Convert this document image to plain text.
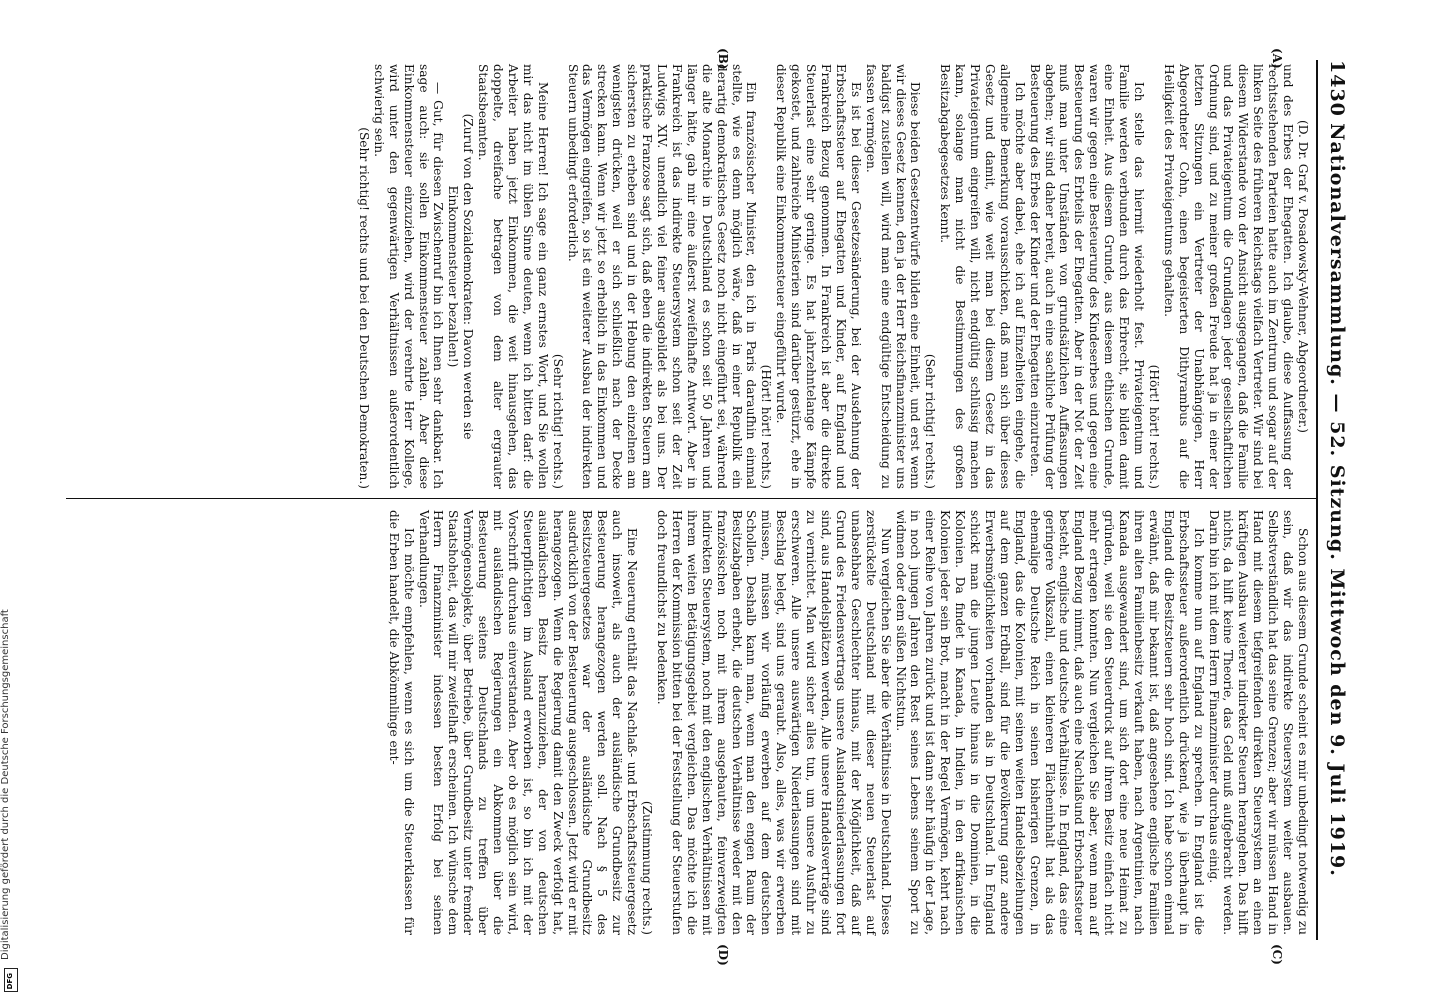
1430
Nationalversammlung. — 52. Sitzung. Mittwoch den 9. Juli 1919.
(A)
(B)
(C)
(D)

(D. Dr. Graf v. Posadowsky-Wehner, Abgeordneter.)

und des Erbes der Ehegatten. Ich glaube, diese Auffassung der rechtsstehenden Parteien hatte auch im Zentrum und sogar auf der linken Seite des früheren Reichstags vielfach Vertreter. Wir sind bei diesem Widerstande von der Ansicht ausgegangen, daß die Familie und das Privateigentum die Grundlagen jeder gesellschaftlichen Ordnung sind, und zu meiner großen Freude hat ja in einer der letzten Sitzungen ein Vertreter der Unabhängigen, Herr Abgeordneter Cohn, einen begeisterten Dithyrambus auf die Heiligkeit des Privateigentums gehalten.

(Hört! hört! rechts.)

Ich stelle das hiermit wiederholt fest. Privateigentum und Familie werden verbunden durch das Erbrecht, sie bilden damit eine Einheit. Aus diesem Grunde, aus diesem ethischen Grunde, waren wir gegen eine Besteuerung des Kindeserbes und gegen eine Besteuerung des Erbteils der Ehegatten. Aber in der Not der Zeit muß man unter Umständen von grundsätzlichen Auffassungen abgehen; wir sind daher bereit, auch in eine sachliche Prüfung der Besteuerung des Erbes der Kinder und der Ehegatten einzutreten.

Ich möchte aber dabei, ehe ich auf Einzelheiten eingehe, die allgemeine Bemerkung vorausschicken, daß man sich über dieses Gesetz und damit, wie weit man bei diesem Gesetz in das Privateigentum eingreifen will, nicht endgültig schlüssig machen kann, solange man nicht die Bestimmungen des großen Besitzabgabegesetzes kennt.

(Sehr richtig! rechts.)

Diese beiden Gesetzentwürfe bilden eine Einheit, und erst wenn wir dieses Gesetz kennen, den ja der Herr Reichsfinanzminister uns baldigst zustellen will, wird man eine endgültige Entscheidung zu fassen vermögen.

Es ist bei dieser Gesetzesänderung, bei der Ausdehnung der Erbschaftssteuer auf Ehegatten und Kinder, auf England und Frankreich Bezug genommen. In Frankreich ist aber die direkte Steuerlast eine sehr geringe. Es hat jahrzehntelange Kämpfe gekostet, und zahlreiche Ministerien sind darüber gestürzt, ehe in dieser Republik eine Einkommensteuer eingeführt wurde.

(Hört! hört! rechts.)

Ein französischer Minister, den ich in Paris daraufhin einmal stellte, wie es denn möglich wäre, daß in einer Republik ein derartig demokratisches Gesetz noch nicht eingeführt sei, während die alte Monarchie in Deutschland es schon seit 50 Jahren und länger hätte, gab mir eine äußerst zweifelhafte Antwort. Aber in Frankreich ist das indirekte Steuersystem schon seit der Zeit Ludwigs XIV. unendlich viel feiner ausgebildet als bei uns. Der praktische Franzose sagt sich, daß eben die indirekten Steuern am sichersten zu erheben sind und in der Hebung den einzelnen am wenigsten drücken, weil er sich schließlich nach der Decke strecken kann. Wenn wir jetzt so erheblich in das Einkommen und das Vermögen eingreifen, so ist ein weiterer Ausbau der indirekten Steuern unbedingt erforderlich.

(Sehr richtig! rechts.)

Meine Herren! Ich sage ein ganz ernstes Wort, und Sie wollen mir das nicht im üblen Sinne deuten, wenn ich bitten darf: die Arbeiter haben jetzt Einkommen, die weit hinausgehen, das doppelte, dreifache betragen von dem alter ergrauter Staatsbeamten.

(Zuruf von den Sozialdemokraten: Davon werden sie Einkommensteuer bezahlen!)

— Gut, für diesen Zwischenruf bin ich Ihnen sehr dankbar. Ich sage auch: sie sollen Einkommensteuer zahlen. Aber diese Einkommensteuer einzuziehen, wird der verehrte Herr Kollege, wird unter den gegenwärtigen Verhältnissen außerordentlich schwierig sein.

(Sehr richtig! rechts und bei den Deutschen Demokraten.)

Schon aus diesem Grunde scheint es mir unbedingt notwendig zu sein, daß wir das indirekte Steuersystem weiter ausbauen. Selbstverständlich hat das seine Grenzen; aber wir müssen Hand in Hand mit diesem tiefgreifenden direkten Steuersystem an einen kräftigen Ausbau weiterer indirekter Steuern herangehen. Das hilft nichts, da hilft keine Theorie, das Geld muß aufgebracht werden. Darin bin ich mit dem Herrn Finanzminister durchaus einig.

Ich komme nun auf England zu sprechen. In England ist die Erbschaftssteuer außerordentlich drückend, wie ja überhaupt in England die Besitzsteuern sehr hoch sind. Ich habe schon einmal erwähnt, daß mir bekannt ist, daß angesehene englische Familien ihren alten Familienbesitz verkauft haben, nach Argentinien, nach Kanada ausgewandert sind, um sich dort eine neue Heimat zu gründen, weil sie den Steuerdruck auf ihrem Besitz einfach nicht mehr ertragen konnten. Nun vergleichen Sie aber, wenn man auf England Bezug nimmt, daß auch eine Nachlaßund Erbschaftssteuer besteht, englische und deutsche Verhältnisse. In England, das eine geringere Volkszahl, einen kleineren Flächeninhalt hat als das ehemalige Deutsche Reich in seinen bisherigen Grenzen, in England, das die Kolonien, mit seinen weiten Handelsbeziehungen auf dem ganzen Erdball, sind für die Bevölkerung ganz andere Erwerbsmöglichkeiten vorhanden als in Deutschland. In England schickt man die jungen Leute hinaus in die Dominien, in die Kolonien. Da findet in Kanada, in Indien, in den afrikanischen Kolonien jeder sein Brot, macht in der Regel Vermögen, kehrt nach einer Reihe von Jahren zurück und ist dann sehr häufig in der Lage, in noch jungen Jahren den Rest seines Lebens seinem Sport zu widmen oder dem süßen Nichtstun.

Nun vergleichen Sie aber die Verhältnisse in Deutschland. Dieses zerstückelte Deutschland mit dieser neuen Steuerlast auf unabsehbare Geschlechter hinaus, mit der Möglichkeit, daß auf Grund des Friedensvertrags unsere Auslandsniederlassungen fort sind, aus Handelsplätzen werden, Alle unsere Handelsverträge sind zu vernichtet. Man wird sicher alles tun, um unsere Ausfuhr zu erschweren. Alle unsere auswärtigen Niederlassungen sind mit Beschlag belegt, sind uns geraubt. Also, alles, was wir erwerben müssen, müssen wir vorläufig erwerben auf dem deutschen Schollen. Deshalb kann man, wenn man den engen Raum der Besitzabgaben erhebt, die deutschen Verhältnisse weder mit den französischen noch mit ihrem ausgebauten, feinverzweigten indirekten Steuersystem, noch mit den englischen Verhältnissen mit ihrem weiten Betätigungsgebiet vergleichen. Das möchte ich die Herren der Kommission bitten bei der Feststellung der Steuerstufen doch freundlichst zu bedenken.

(Zustimmung rechts.)

Eine Neuerung enthält das Nachlaß- und Erbschaftssteuergesetz auch insoweit, als auch der ausländische Grundbesitz zur Besteuerung herangezogen werden soll. Nach § 5 des Besitzsteuergesetzes war der ausländische Grundbesitz ausdrücklich von der Besteuerung ausgeschlossen. Jetzt wird er mit herangezogen. Wenn die Regierung damit den Zweck verfolgt hat, ausländischen Besitz heranzuziehen, der von deutschen Steuerpflichtigen im Ausland erworben ist, so bin ich mit der Vorschrift durchaus einverstanden. Aber ob es möglich sein wird, mit ausländischen Regierungen ein Abkommen über die Besteuerung seitens Deutschlands zu treffen über Vermögensobjekte, über Betriebe, über Grundbesitz unter fremder Staatshoheit, das will mir zweifelhaft erscheinen. Ich wünsche dem Herrn Finanzminister indessen besten Erfolg bei seinen Verhandlungen.

Ich möchte empfehlen, wenn es sich um die Steuerklassen für die Erben handelt, die Abkömmlinge ent-

Digitalisierung gefördert durch die Deutsche Forschungsgemeinschaft
DFG
